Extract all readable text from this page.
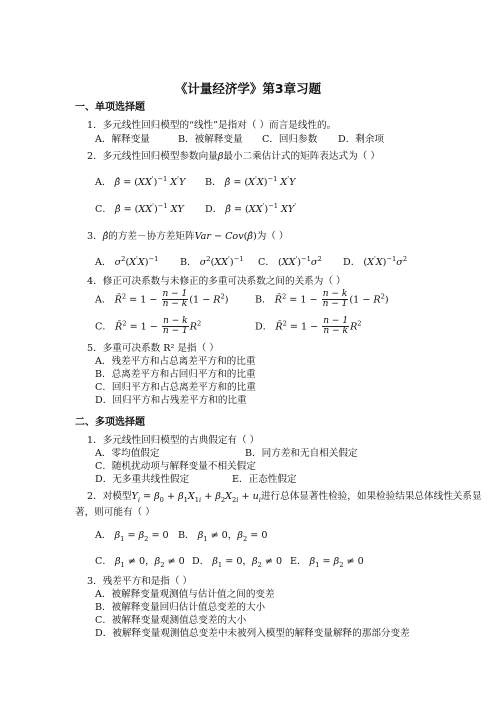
《计量经济学》第3章习题
一、单项选择题
1．多元线性回归模型的“线性”是指对（ ）而言是线性的。
A．解释变量	B．被解释变量 C．回归参数 D．剩余项
2．多元线性回归模型参数向量β最小二乘估计式的矩阵表达式为（ ）
A． β̂ = $(XX')^{-1}$ X'Y B． β̂ = $(X'X)^{-1}$ X'Y
C． β̂ = $(XX')^{-1}$ XY D． β̂ = $(XX')^{-1}$ XY'
3．β̂的方差－协方差矩阵Var − Cov(β̂)为（ ）
A． $\sigma^2(X'X)^{-1}$ B． $\sigma^2(XX')^{-1}$ C． $(XX')^{-1}\sigma^2$ D． $(X'X)^{-1}\sigma^2$
4．修正可决系数与未修正的多重可决系数之间的关系为（ ）
A． R̄$^2$ = $1 - \frac{n - 1}{n - k} (1 - R^2)$	B． R̄$^2$ = $1 - \frac{n - k}{n - 1} (1 - R^2)$
C． R̄$^2$ = $1 - \frac{n - k}{n - 1} R^2$	D． R̄$^2$ = $1 - \frac{n - 1}{n - k} R^2$
5．多重可决系数 R² 是指（ ）
A．残差平方和占总离差平方和的比重
B．总离差平方和占回归平方和的比重
C．回归平方和占总离差平方和的比重
D．回归平方和占残差平方和的比重
二、多项选择题
1．多元线性回归模型的古典假定有（ ）
A．零均值假定	B．同方差和无自相关假定
C．随机扰动项与解释变量不相关假定
D．无多重共线性假定	E．正态性假定
2．对模型$Y_i = \beta_0 + \beta_1X_{1i} + \beta_2X_{2i} + u_i$进行总体显著性检验，如果检验结果总体线性关系显
著，则可能有（ ）
A． $\beta_1 = \beta_2 = 0$ B． $\beta_1 \ne 0$，$\beta_2 = 0$
C． $\beta_1 \ne 0$，$\beta_2 \ne 0$ D． $\beta_1 = 0$，$\beta_2 \ne 0$ E． $\beta_1 = \beta_2 \ne 0$
3．残差平方和是指（ ）
A．被解释变量观测值与估计值之间的变差
B．被解释变量回归估计值总变差的大小
C．被解释变量观测值总变差的大小
D．被解释变量观测值总变差中未被列入模型的解释变量解释的那部分变差
